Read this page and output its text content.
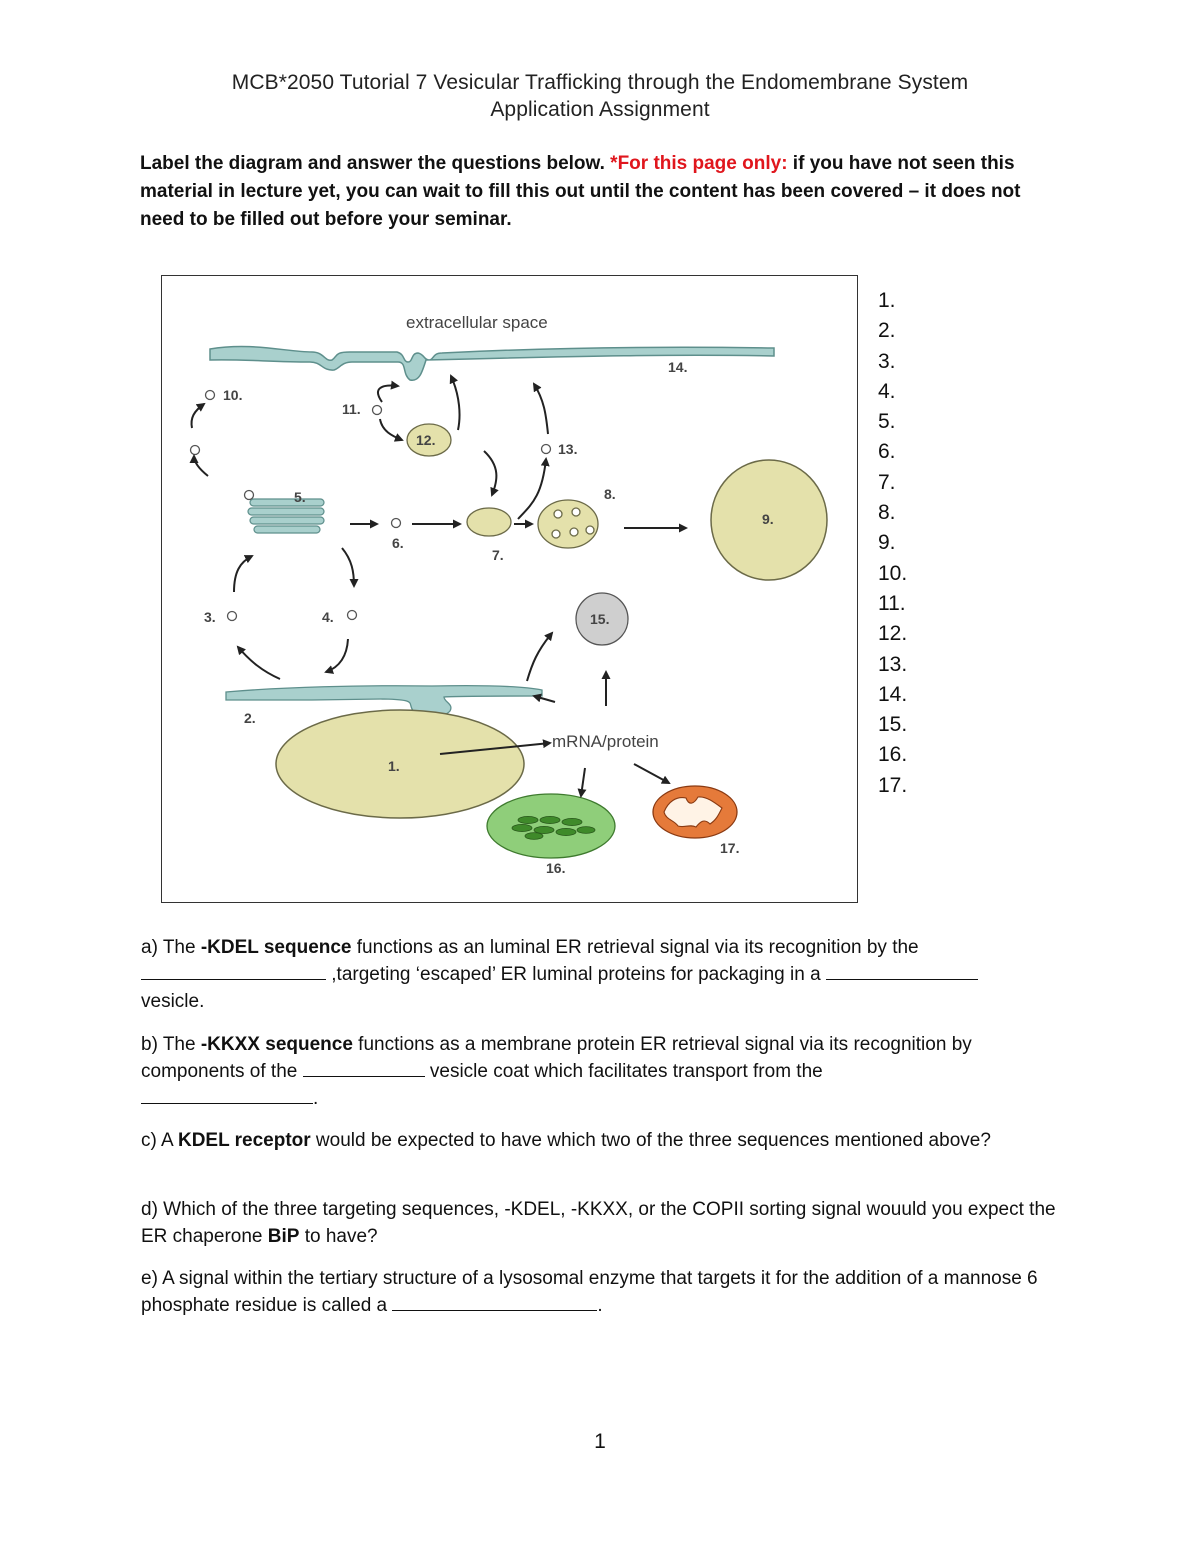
MCB*2050 Tutorial 7 Vesicular Trafficking through the Endomembrane System
Application Assignment
Label the diagram and answer the questions below. *For this page only: if you have not seen this material in lecture yet, you can wait to fill this out until the content has been covered – it does not need to be filled out before your seminar.
extracellular space
1.
2.
3.	4.
5.
6.
7.
8.
9.
10.
11.
12.
13.
14.
15.
16.
17.
mRNA/protein
1.
2.
3.
4.
5.
6.
7.
8.
9.
10.
11.
12.
13.
14.
15.
16.
17.

a) The -KDEL sequence functions as an luminal ER retrieval signal via its recognition by the
,targeting ‘escaped’ ER luminal proteins for packaging in a
vesicle.

b) The -KKXX sequence functions as a membrane protein ER retrieval signal via its recognition by components of the	vesicle coat which facilitates transport from the
.

c) A KDEL receptor would be expected to have which two of the three sequences mentioned above?

d) Which of the three targeting sequences, -KDEL, -KKXX, or the COPII sorting signal wouuld you expect the ER chaperone BiP to have?

e) A signal within the tertiary structure of a lysosomal enzyme that targets it for the addition of a mannose 6 phosphate residue is called a	.

1
